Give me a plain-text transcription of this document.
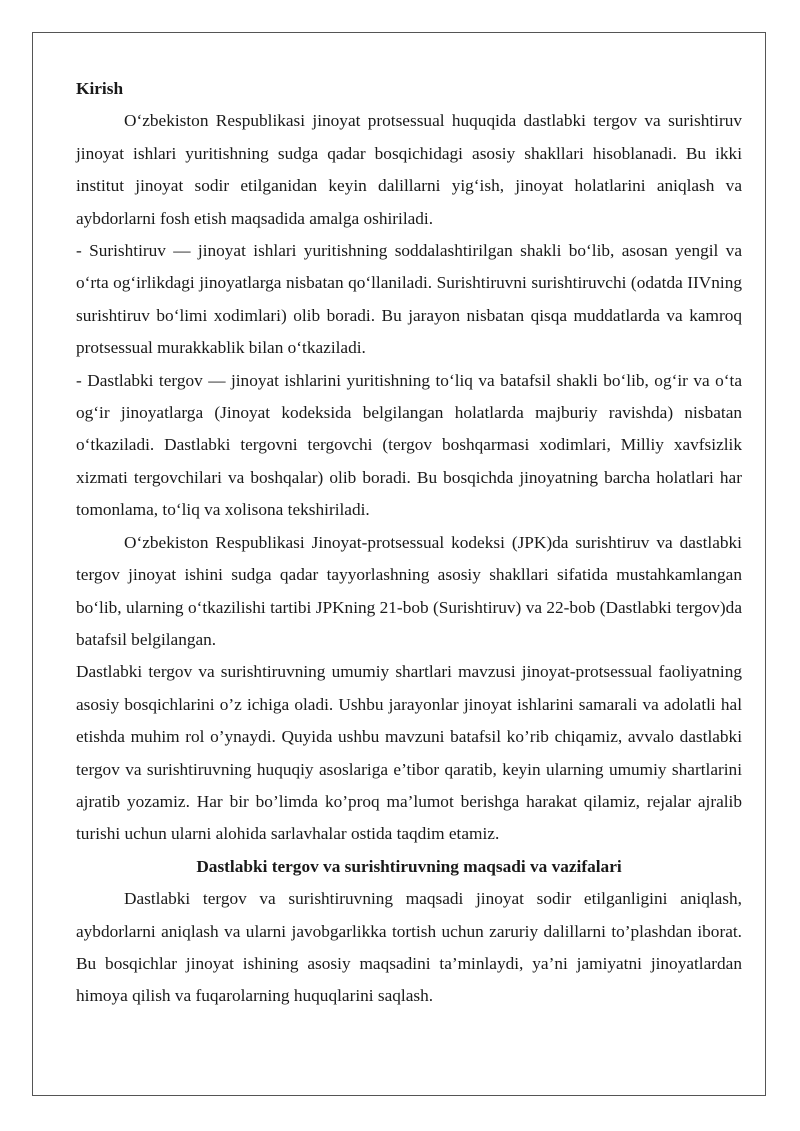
Kirish

O‘zbekiston Respublikasi jinoyat protsessual huquqida dastlabki tergov va surishtiruv jinoyat ishlari yuritishning sudga qadar bosqichidagi asosiy shakllari hisoblanadi. Bu ikki institut jinoyat sodir etilganidan keyin dalillarni yig‘ish, jinoyat holatlarini aniqlash va aybdorlarni fosh etish maqsadida amalga oshiriladi.

- Surishtiruv — jinoyat ishlari yuritishning soddalashtirilgan shakli bo‘lib, asosan yengil va o‘rta og‘irlikdagi jinoyatlarga nisbatan qo‘llaniladi. Surishtiruvni surishtiruvchi (odatda IIVning surishtiruv bo‘limi xodimlari) olib boradi. Bu jarayon nisbatan qisqa muddatlarda va kamroq protsessual murakkablik bilan o‘tkaziladi.

- Dastlabki tergov — jinoyat ishlarini yuritishning to‘liq va batafsil shakli bo‘lib, og‘ir va o‘ta og‘ir jinoyatlarga (Jinoyat kodeksida belgilangan holatlarda majburiy ravishda) nisbatan o‘tkaziladi. Dastlabki tergovni tergovchi (tergov boshqarmasi xodimlari, Milliy xavfsizlik xizmati tergovchilari va boshqalar) olib boradi. Bu bosqichda jinoyatning barcha holatlari har tomonlama, to‘liq va xolisona tekshiriladi.

O‘zbekiston Respublikasi Jinoyat-protsessual kodeksi (JPK)da surishtiruv va dastlabki tergov jinoyat ishini sudga qadar tayyorlashning asosiy shakllari sifatida mustahkamlangan bo‘lib, ularning o‘tkazilishi tartibi JPKning 21-bob (Surishtiruv) va 22-bob (Dastlabki tergov)da batafsil belgilangan.

Dastlabki tergov va surishtiruvning umumiy shartlari mavzusi jinoyat-protsessual faoliyatning asosiy bosqichlarini o’z ichiga oladi. Ushbu jarayonlar jinoyat ishlarini samarali va adolatli hal etishda muhim rol o’ynaydi. Quyida ushbu mavzuni batafsil ko’rib chiqamiz, avvalo dastlabki tergov va surishtiruvning huquqiy asoslariga e’tibor qaratib, keyin ularning umumiy shartlarini ajratib yozamiz. Har bir bo’limda ko’proq ma’lumot berishga harakat qilamiz, rejalar ajralib turishi uchun ularni alohida sarlavhalar ostida taqdim etamiz.

Dastlabki tergov va surishtiruvning maqsadi va vazifalari

Dastlabki tergov va surishtiruvning maqsadi jinoyat sodir etilganligini aniqlash, aybdorlarni aniqlash va ularni javobgarlikka tortish uchun zaruriy dalillarni to’plashdan iborat. Bu bosqichlar jinoyat ishining asosiy maqsadini ta’minlaydi, ya’ni jamiyatni jinoyatlardan himoya qilish va fuqarolarning huquqlarini saqlash.
